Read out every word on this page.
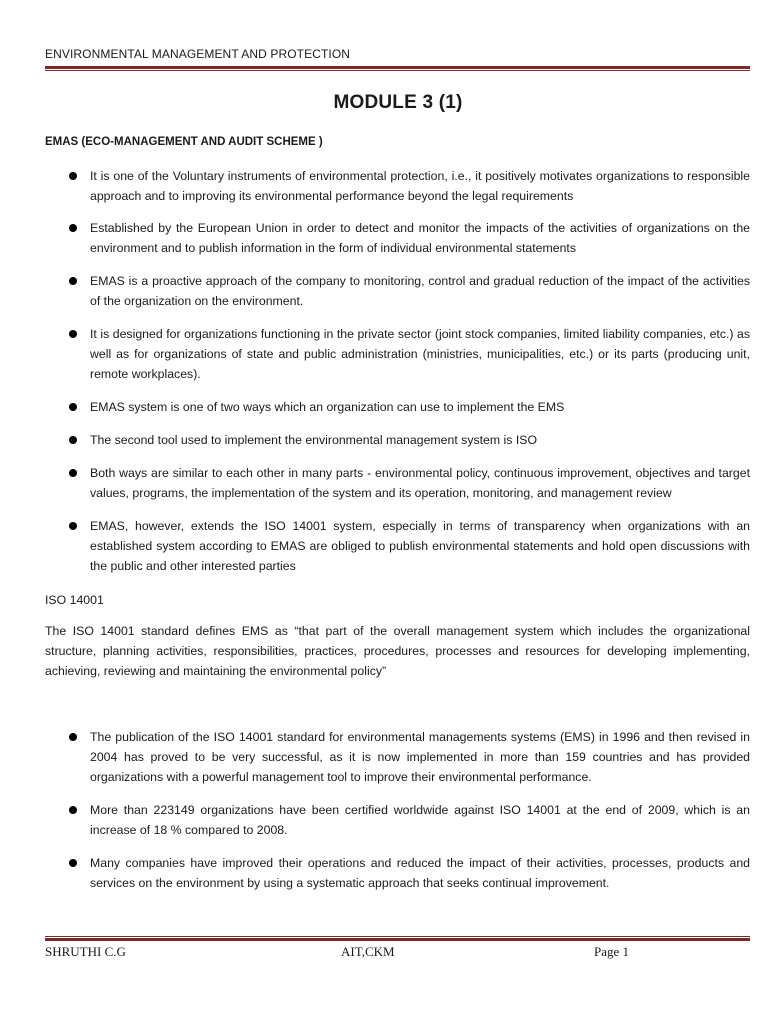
ENVIRONMENTAL MANAGEMENT AND PROTECTION
MODULE 3 (1)
EMAS (ECO-MANAGEMENT AND AUDIT SCHEME )
It is one of the Voluntary instruments of environmental protection, i.e., it positively motivates organizations to responsible approach and to improving its environmental performance beyond the legal requirements
Established by the European Union in order to detect and monitor the impacts of the activities of organizations on the environment and to publish information in the form of individual environmental statements
EMAS is a proactive approach of the company to monitoring, control and gradual reduction of the impact of the activities of the organization on the environment.
It is designed for organizations functioning in the private sector (joint stock companies, limited liability companies, etc.) as well as for organizations of state and public administration (ministries, municipalities, etc.) or its parts (producing unit, remote workplaces).
EMAS system is one of two ways which an organization can use to implement the EMS
The second tool used to implement the environmental management system is ISO
Both ways are similar to each other in many parts - environmental policy, continuous improvement, objectives and target values, programs, the implementation of the system and its operation, monitoring, and management review
EMAS, however, extends the ISO 14001 system, especially in terms of transparency when organizations with an established system according to EMAS are obliged to publish environmental statements and hold open discussions with the public and other interested parties
ISO 14001
The ISO 14001 standard defines EMS as “that part of the overall management system which includes the organizational structure, planning activities, responsibilities, practices, procedures, processes and resources for developing implementing, achieving, reviewing and maintaining the environmental policy”
The publication of the ISO 14001 standard for environmental managements systems (EMS) in 1996 and then revised in 2004 has proved to be very successful, as it is now implemented in more than 159 countries and has provided organizations with a powerful management tool to improve their environmental performance.
More than 223149 organizations have been certified worldwide against ISO 14001 at the end of 2009, which is an increase of 18 % compared to 2008.
Many companies have improved their operations and reduced the impact of their activities, processes, products and services on the environment by using a systematic approach that seeks continual improvement.
SHRUTHI C.G	AIT,CKM	Page 1
